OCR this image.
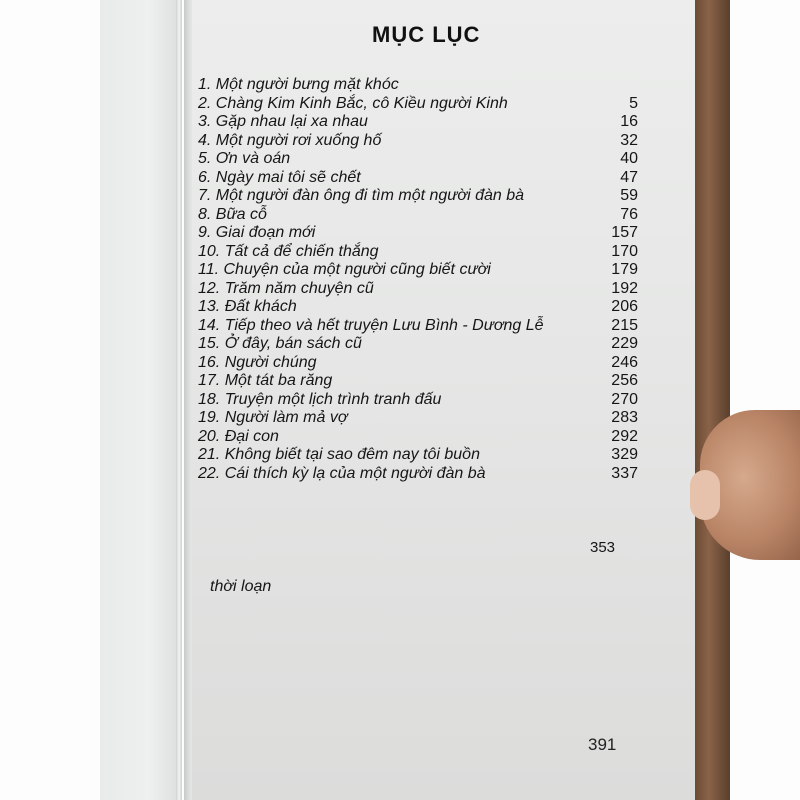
MỤC LỤC
1. Một người bưng mặt khóc
2. Chàng Kim Kinh Bắc, cô Kiều người Kinh	5
3. Gặp nhau lại xa nhau	16
4. Một người rơi xuống hố	32
5. Ơn và oán	40
6. Ngày mai tôi sẽ chết	47
7. Một người đàn ông đi tìm một người đàn bà	59
8. Bữa cỗ	76
9. Giai đoạn mới	157
10. Tất cả để chiến thắng	170
11. Chuyện của một người cũng biết cười	179
12. Trăm năm chuyện cũ	192
13. Đất khách	206
14. Tiếp theo và hết truyện Lưu Bình - Dương Lễ	215
15. Ở đây, bán sách cũ	229
16. Người chúng	246
17. Một tát ba răng	256
18. Truyện một lịch trình tranh đấu	270
19. Người làm mả vợ	283
20. Đại con	292
21. Không biết tại sao đêm nay tôi buồn	329
22. Cái thích kỳ lạ của một người đàn bà	337
thời loạn
353
391
